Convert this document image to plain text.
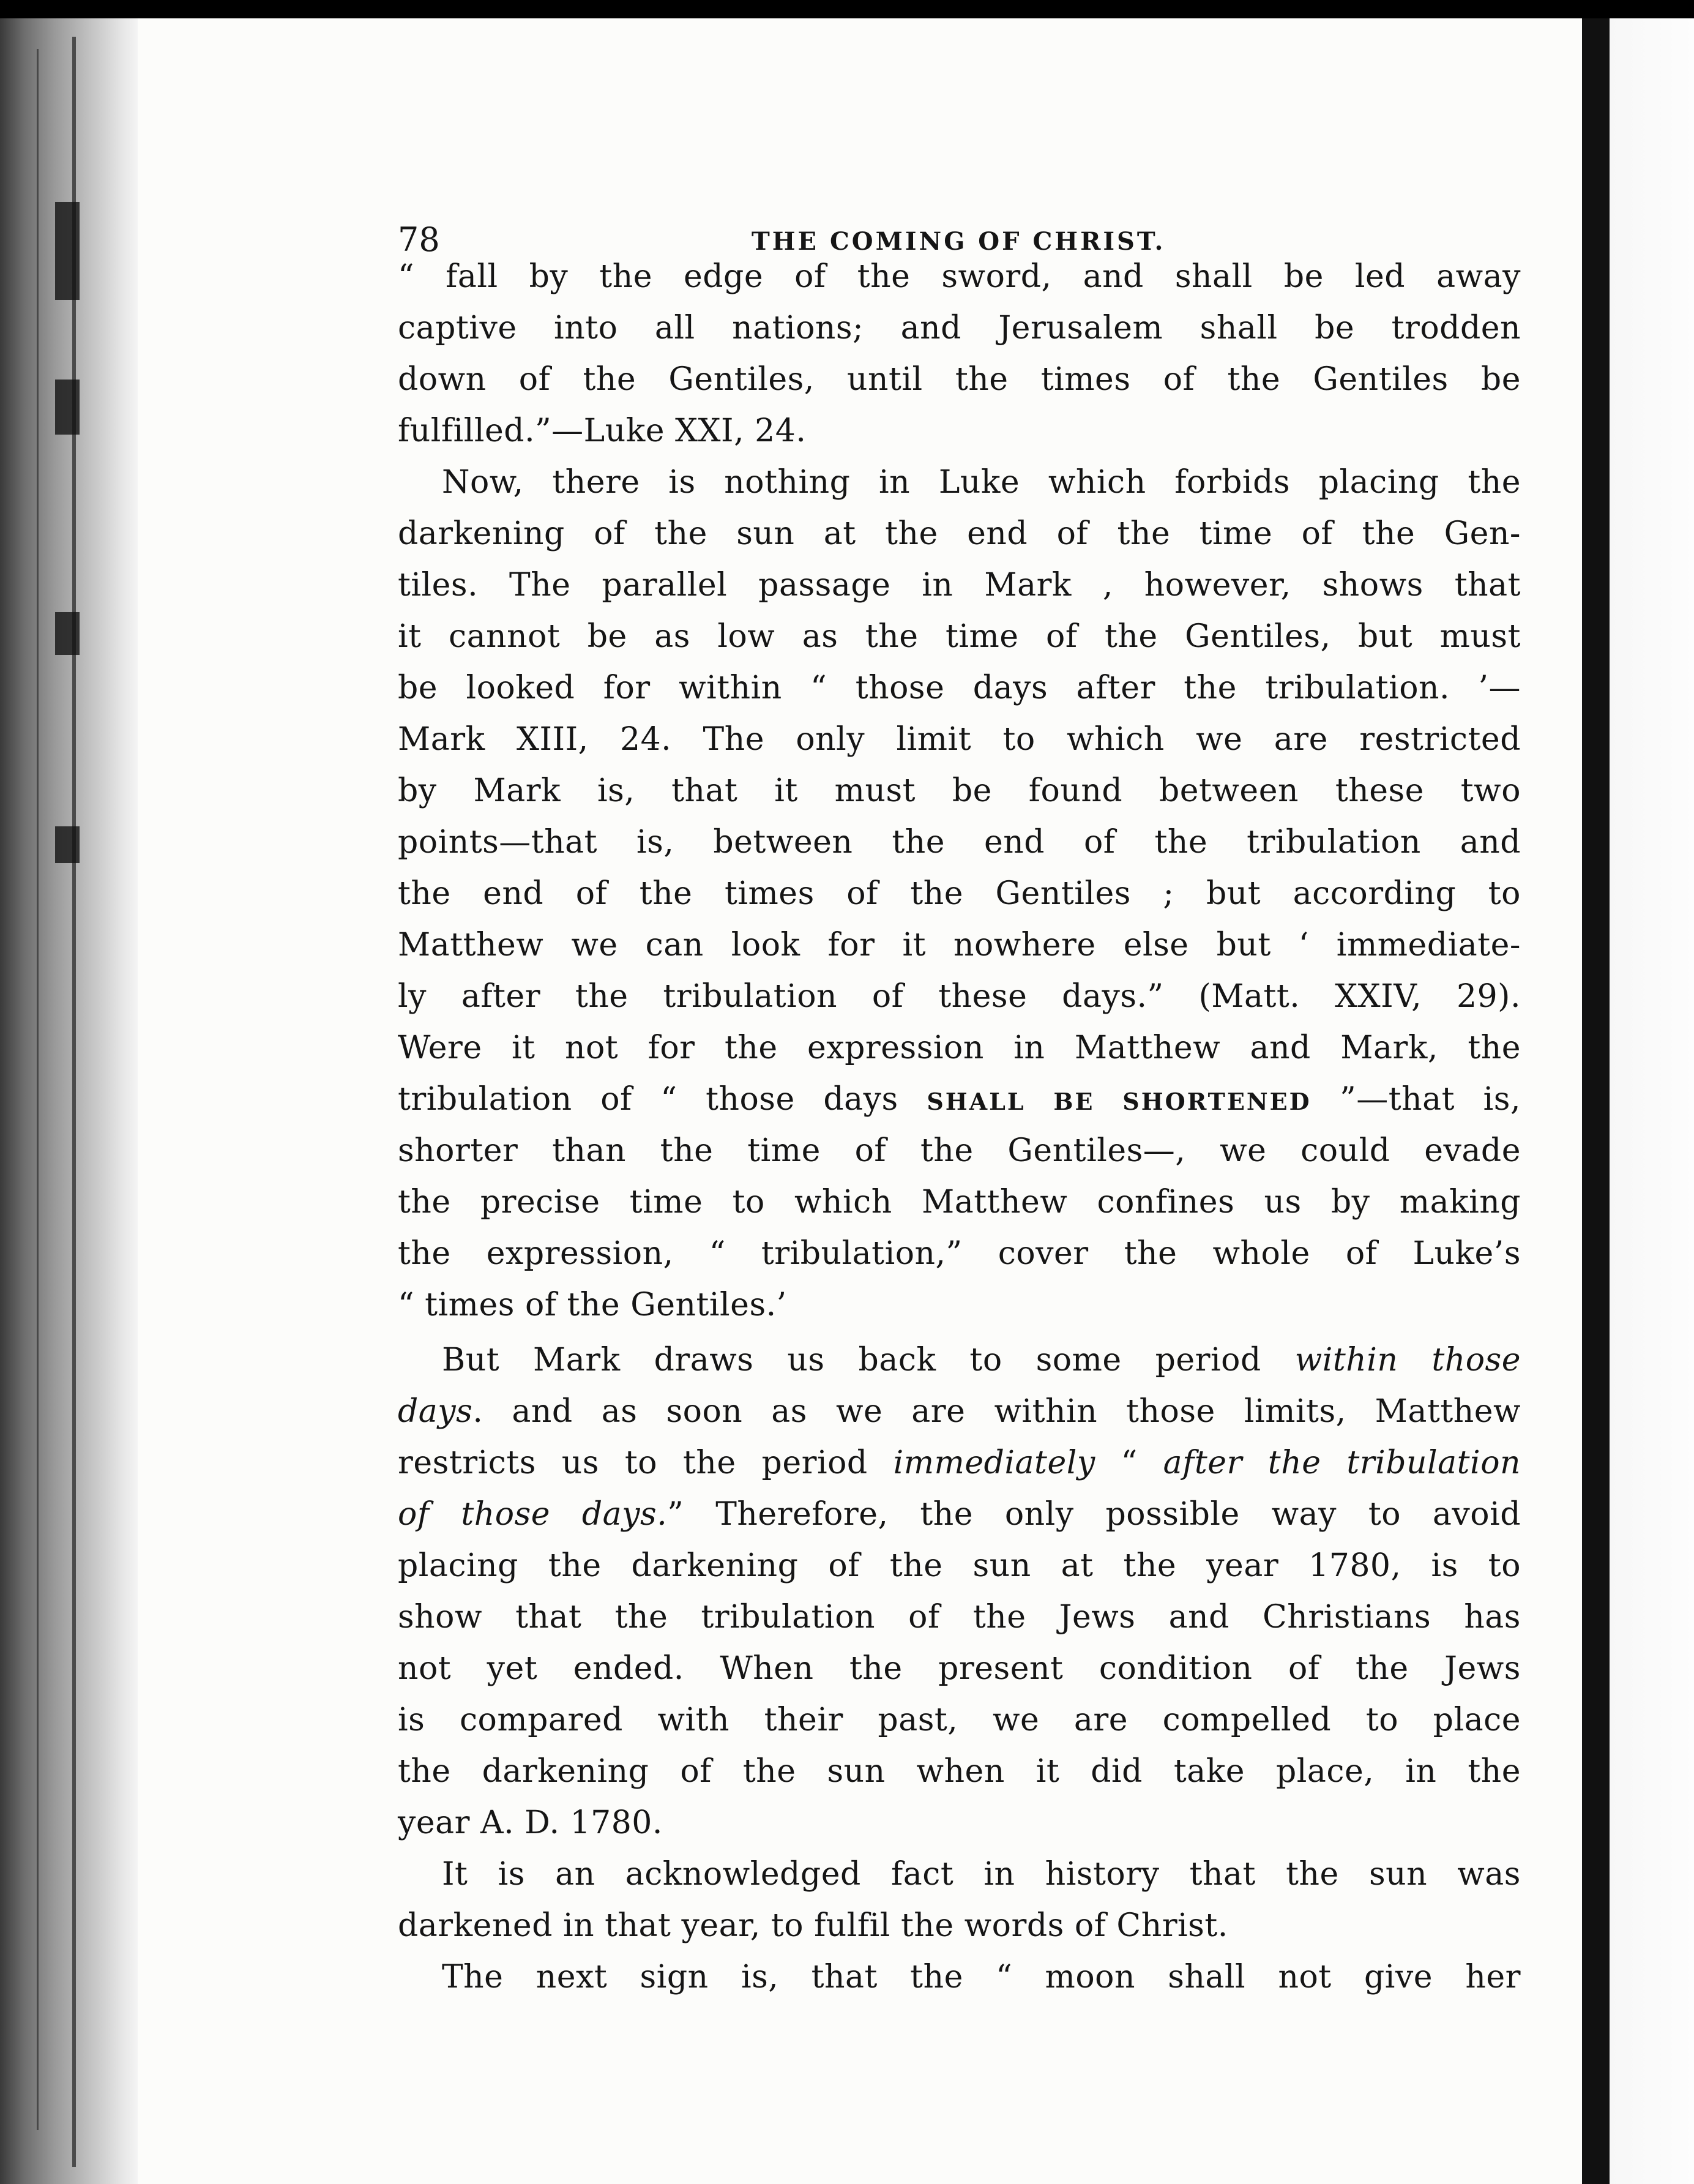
78	THE COMING OF CHRIST.
“ fall by the edge of the sword, and shall be led away
captive into all nations; and Jerusalem shall be trodden
down of the Gentiles, until the times of the Gentiles be
fulfilled.”—Luke XXI, 24.
Now, there is nothing in Luke which forbids placing the
darkening of the sun at the end of the time of the Gen-
tiles. The parallel passage in Mark , however, shows that
it cannot be as low as the time of the Gentiles, but must
be looked for within “ those days after the tribulation. ’—
Mark XIII, 24. The only limit to which we are restricted
by Mark is, that it must be found between these two
points—that is, between the end of the tribulation and
the end of the times of the Gentiles ; but according to
Matthew we can look for it nowhere else but ‘ immediate-
ly after the tribulation of these days.” (Matt. XXIV, 29).
Were it not for the expression in Matthew and Mark, the
tribulation of “ those days SHALL BE SHORTENED ”—that is,
shorter than the time of the Gentiles—, we could evade
the precise time to which Matthew confines us by making
the expression, “ tribulation,” cover the whole of Luke’s
“ times of the Gentiles.’
But Mark draws us back to some period within those
days. and as soon as we are within those limits, Matthew
restricts us to the period immediately “ after the tribulation
of those days.” Therefore, the only possible way to avoid
placing the darkening of the sun at the year 1780, is to
show that the tribulation of the Jews and Christians has
not yet ended. When the present condition of the Jews
is compared with their past, we are compelled to place
the darkening of the sun when it did take place, in the
year A. D. 1780.
It is an acknowledged fact in history that the sun was
darkened in that year, to fulfil the words of Christ.
The next sign is, that the “ moon shall not give her
